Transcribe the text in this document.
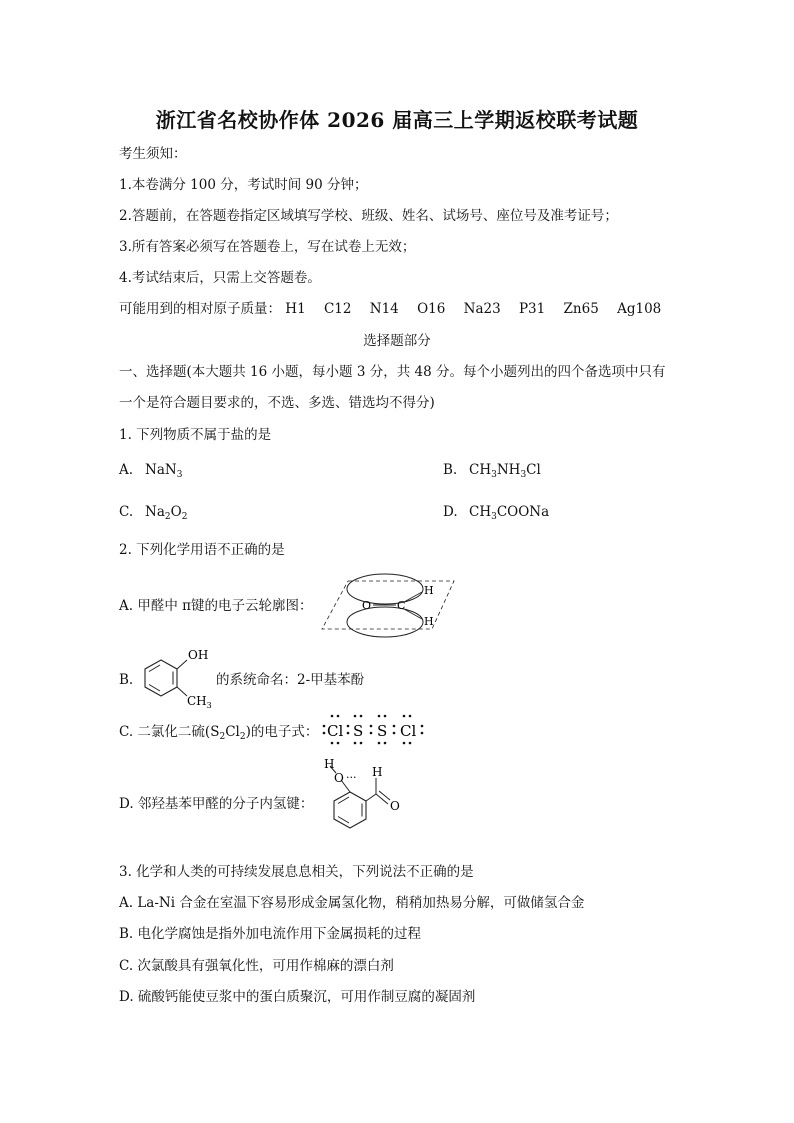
浙江省名校协作体 2026 届高三上学期返校联考试题
考生须知：
1.本卷满分 100 分，考试时间 90 分钟；
2.答题前，在答题卷指定区域填写学校、班级、姓名、试场号、座位号及准考证号；
3.所有答案必须写在答题卷上，写在试卷上无效；
4.考试结束后，只需上交答题卷。
可能用到的相对原子质量： H1 C12 N14 O16 Na23 P31 Zn65 Ag108
选择题部分
一、选择题(本大题共 16 小题，每小题 3 分，共 48 分。每个小题列出的四个备选项中只有
一个是符合题目要求的，不选、多选、错选均不得分)
1. 下列物质不属于盐的是
A. NaN$_3$	B. $CH_3NH_3Cl$
C. $Na_2O_2$	D. $CH_3COONa$
2. 下列化学用语不正确的是
A. 甲醛中 π键的电子云轮廓图：	O C
H
H
B.
OH
$CH_3$
的系统命名：2-甲基苯酚
C. 二氯化二硫$(S_2Cl_2)$的电子式： Cl S S Cl
D. 邻羟基苯甲醛的分子内氢键：
H
O ··· H
O
3. 化学和人类的可持续发展息息相关，下列说法不正确的是
A. La-Ni 合金在室温下容易形成金属氢化物，稍稍加热易分解，可做储氢合金
B. 电化学腐蚀是指外加电流作用下金属损耗的过程
C. 次氯酸具有强氧化性，可用作棉麻的漂白剂
D. 硫酸钙能使豆浆中的蛋白质聚沉，可用作制豆腐的凝固剂
